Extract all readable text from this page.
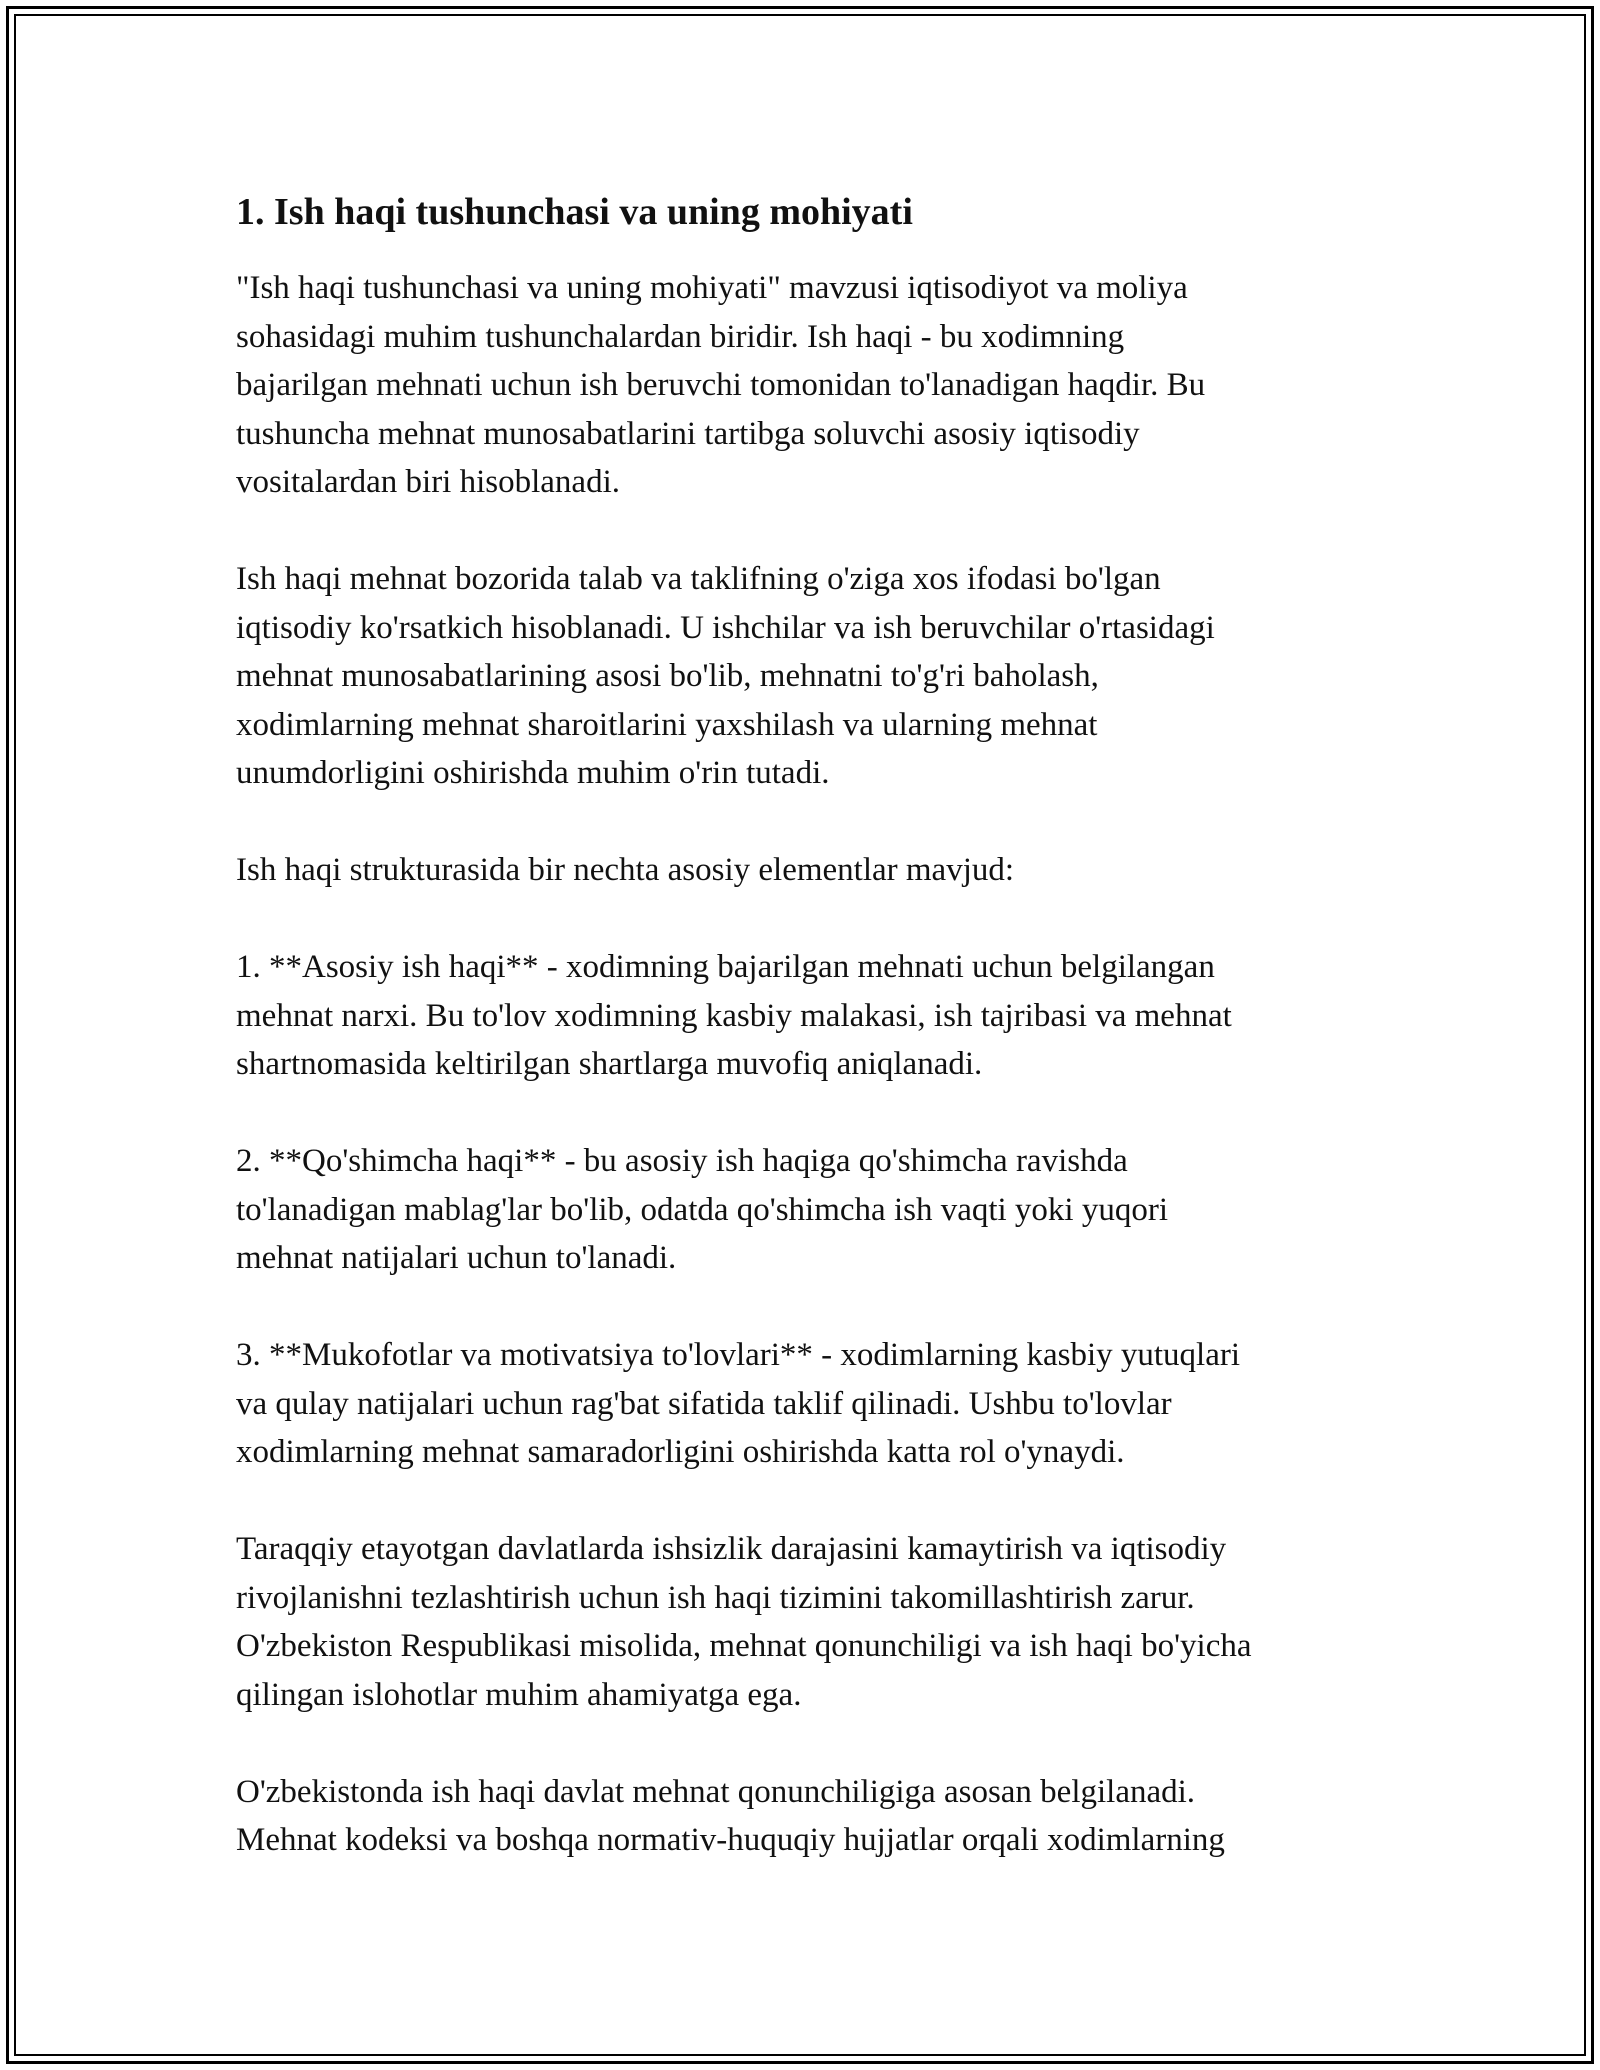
1. Ish haqi tushunchasi va uning mohiyati

"Ish haqi tushunchasi va uning mohiyati" mavzusi iqtisodiyot va moliya
sohasidagi muhim tushunchalardan biridir. Ish haqi - bu xodimning
bajarilgan mehnati uchun ish beruvchi tomonidan to'lanadigan haqdir. Bu
tushuncha mehnat munosabatlarini tartibga soluvchi asosiy iqtisodiy
vositalardan biri hisoblanadi.

Ish haqi mehnat bozorida talab va taklifning o'ziga xos ifodasi bo'lgan
iqtisodiy ko'rsatkich hisoblanadi. U ishchilar va ish beruvchilar o'rtasidagi
mehnat munosabatlarining asosi bo'lib, mehnatni to'g'ri baholash,
xodimlarning mehnat sharoitlarini yaxshilash va ularning mehnat
unumdorligini oshirishda muhim o'rin tutadi.

Ish haqi strukturasida bir nechta asosiy elementlar mavjud:

1. **Asosiy ish haqi** - xodimning bajarilgan mehnati uchun belgilangan
mehnat narxi. Bu to'lov xodimning kasbiy malakasi, ish tajribasi va mehnat
shartnomasida keltirilgan shartlarga muvofiq aniqlanadi.

2. **Qo'shimcha haqi** - bu asosiy ish haqiga qo'shimcha ravishda
to'lanadigan mablag'lar bo'lib, odatda qo'shimcha ish vaqti yoki yuqori
mehnat natijalari uchun to'lanadi.

3. **Mukofotlar va motivatsiya to'lovlari** - xodimlarning kasbiy yutuqlari
va qulay natijalari uchun rag'bat sifatida taklif qilinadi. Ushbu to'lovlar
xodimlarning mehnat samaradorligini oshirishda katta rol o'ynaydi.

Taraqqiy etayotgan davlatlarda ishsizlik darajasini kamaytirish va iqtisodiy
rivojlanishni tezlashtirish uchun ish haqi tizimini takomillashtirish zarur.
O'zbekiston Respublikasi misolida, mehnat qonunchiligi va ish haqi bo'yicha
qilingan islohotlar muhim ahamiyatga ega.

O'zbekistonda ish haqi davlat mehnat qonunchiligiga asosan belgilanadi.
Mehnat kodeksi va boshqa normativ-huquqiy hujjatlar orqali xodimlarning
